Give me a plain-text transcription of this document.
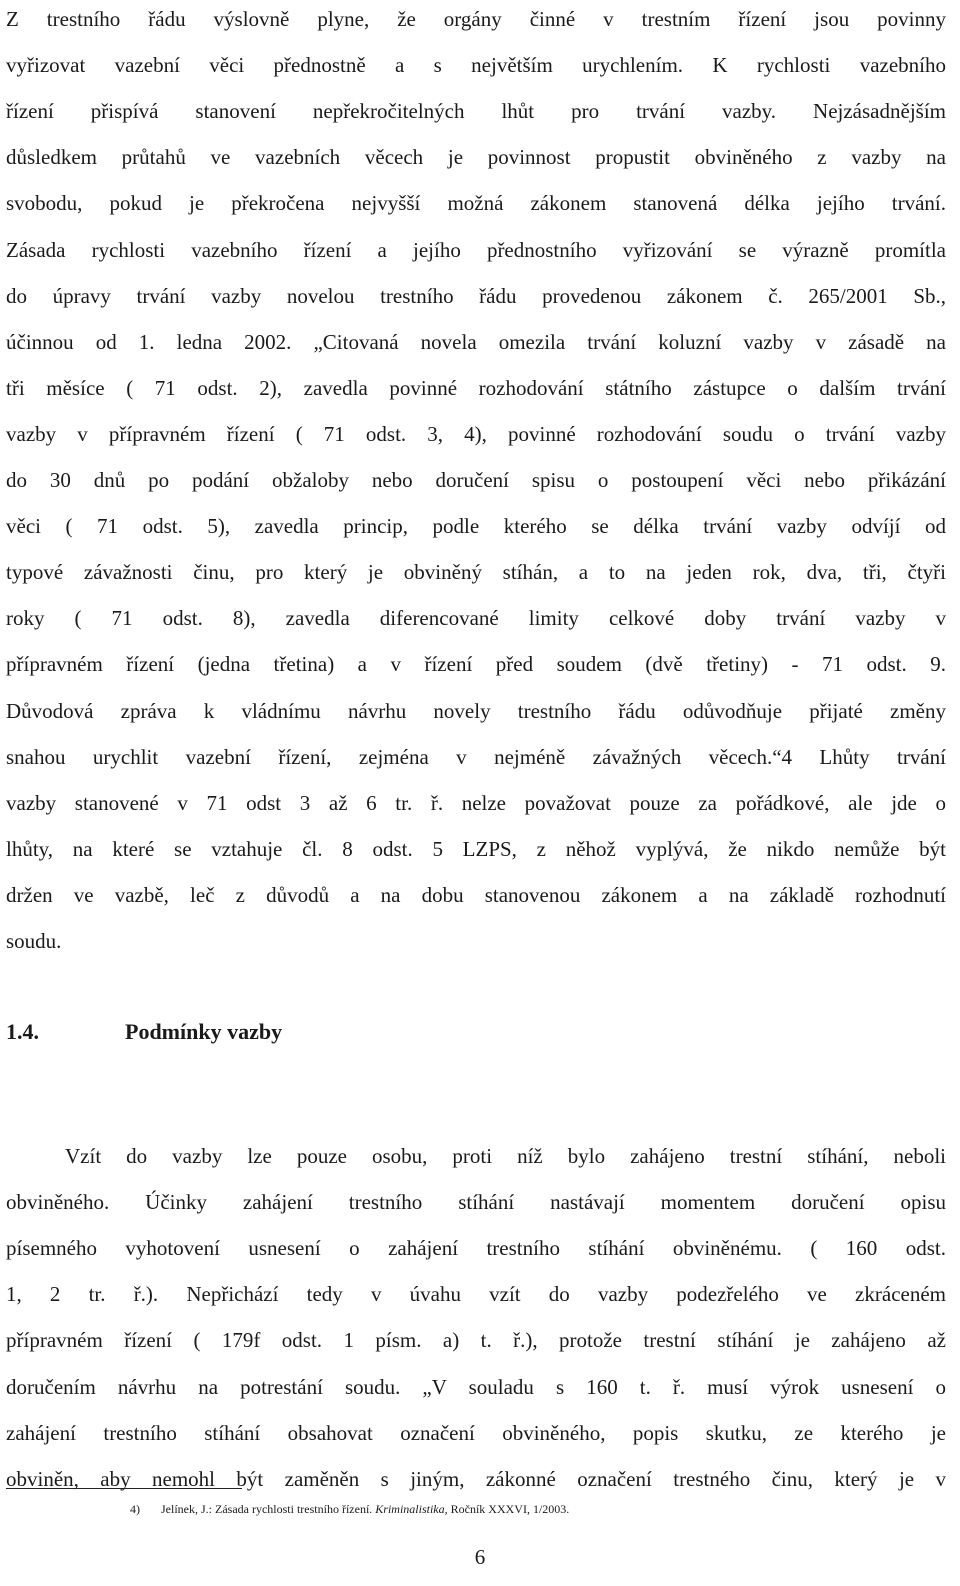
Z trestního řádu výslovně plyne, že orgány činné v trestním řízení jsou povinny
vyřizovat vazební věci přednostně a s největším urychlením. K rychlosti vazebního
řízení přispívá stanovení nepřekročitelných lhůt pro trvání vazby. Nejzásadnějším
důsledkem průtahů ve vazebních věcech je povinnost propustit obviněného z vazby na
svobodu, pokud je překročena nejvyšší možná zákonem stanovená délka jejího trvání.
Zásada rychlosti vazebního řízení a jejího přednostního vyřizování se výrazně promítla
do úpravy trvání vazby novelou trestního řádu provedenou zákonem č. 265/2001 Sb.,
účinnou od 1. ledna 2002. „Citovaná novela omezila trvání koluzní vazby v zásadě na
tři měsíce ( 71 odst. 2), zavedla povinné rozhodování státního zástupce o dalším trvání
vazby v přípravném řízení ( 71 odst. 3, 4), povinné rozhodování soudu o trvání vazby
do 30 dnů po podání obžaloby nebo doručení spisu o postoupení věci nebo přikázání
věci ( 71 odst. 5), zavedla princip, podle kterého se délka trvání vazby odvíjí od
typové závažnosti činu, pro který je obviněný stíhán, a to na jeden rok, dva, tři, čtyři
roky ( 71 odst. 8), zavedla diferencované limity celkové doby trvání vazby v
přípravném řízení (jedna třetina) a v řízení před soudem (dvě třetiny) - 71 odst. 9.
Důvodová zpráva k vládnímu návrhu novely trestního řádu odůvodňuje přijaté změny
snahou urychlit vazební řízení, zejména v nejméně závažných věcech.“4 Lhůty trvání
vazby stanovené v 71 odst 3 až 6 tr. ř. nelze považovat pouze za pořádkové, ale jde o
lhůty, na které se vztahuje čl. 8 odst. 5 LZPS, z něhož vyplývá, že nikdo nemůže být
držen ve vazbě, leč z důvodů a na dobu stanovenou zákonem a na základě rozhodnutí
soudu.
1.4.	Podmínky vazby
Vzít do vazby lze pouze osobu, proti níž bylo zahájeno trestní stíhání, neboli
obviněného. Účinky zahájení trestního stíhání nastávají momentem doručení opisu
písemného vyhotovení usnesení o zahájení trestního stíhání obviněnému. ( 160 odst.
1, 2 tr. ř.). Nepřichází tedy v úvahu vzít do vazby podezřelého ve zkráceném
přípravném řízení ( 179f odst. 1 písm. a) t. ř.), protože trestní stíhání je zahájeno až
doručením návrhu na potrestání soudu. „V souladu s 160 t. ř. musí výrok usnesení o
zahájení trestního stíhání obsahovat označení obviněného, popis skutku, ze kterého je
obviněn, aby nemohl být zaměněn s jiným, zákonné označení trestného činu, který je v
4) Jelínek, J.: Zásada rychlosti trestního řízení. Kriminalistika, Ročník XXXVI, 1/2003.
6
